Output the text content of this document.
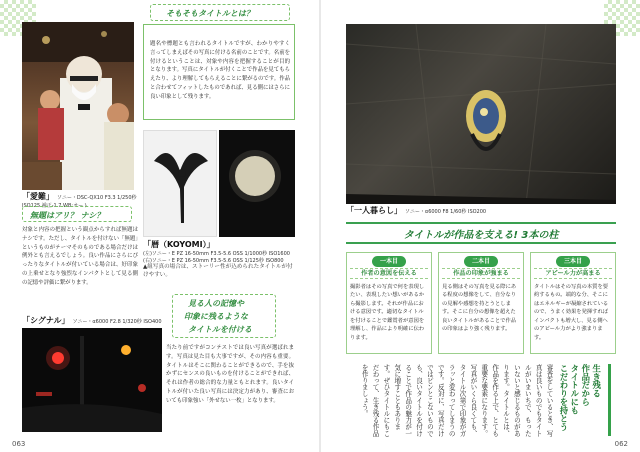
「愛難」 ソニー・DSC-QX10 F3.3 1/250秒 ISO125 補正-1.7 WB:オート
そもそもタイトルとは？
題名や標題とも言われるタイトルですが、わかりやすく言ってしまえばその写真に付ける名前のことです。名前を付けるということは、対象や内容を把握することが目的となります。写真にタイトルが付くことで作品を見てもらえたり、より理解してもらえることに繋がるのです。作品と合わせてフィットしたものであれば、見る側にはさらに良い印象として残ります。
「暦（KOYOMI）」
(左)ソニー・E PZ 16-50mm F3.5-5.6 OSS 1/1000秒 ISO1600
(右)ソニー・E PZ 16-50mm F3.5-5.6 OSS 1/125秒 ISO800
▲組写真の場合は、ストーリー性が込められたタイトルが付けやすい。
無題はアリ？ ナシ？
対象と内容の把握という観点からすれば無題はナシです。ただし、タイトルを付けない「無題」というものがテーマそのものである場合だけは例外とも言えるでしょう。良い作品にさらにぴったりなタイトルが付いている場合は、好印象の上乗せとなり強烈なインパクトとして見る側の記憶や評価に繋がります。
「シグナル」 ソニー・α6000 F2.8 1/320秒 ISO400
見る人の記憶や
印象に残るような
タイトルを付ける
当たり前ですがコンテストでは良い写真が選ばれます。写真は見た目も大事ですが、その内容も重要。タイトルはそこに関わることができるので、手を抜かずにセンスの良いものを付けることができれば、それは作者の総合的な力量ともとれます。良いタイトルが付いた良い写真には決定力があり、審査においても印象強い「外せない一枚」となります。
063
「一人暮らし」 ソニー・α6000 F8 1/60秒 ISO200
タイトルが作品を支える! 3本の柱
一本目
作者の意図を伝える
撮影者はその写真で何を表現したい、表現したい想いがあるから撮影します。それが作品における意図です。適切なタイトルを付けることで鑑賞者が意図を理解し、作品により明確に伝わります。
二本目
作品の印象が強まる
見る側はその写真を見る際にある程度の想像をして、自分なりの見解や感想を持とうとします。そこに自分の想像を超えた良いタイトルがあることで作品の印象はより強く残ります。
三本目
アピール力が高まる
タイトルはその写真の本質を要約するもの。端的な分、そこにはエネルギーが凝縮されているので、うまく効果を発揮すればインパクトも増大し、見る側へのアピール力がより強まります。
生き残る
作品だから
タイトルにも
こだわりを持とう
審査をしているとき、写真は良いものでもタイトルがいまいちで、もったいないと感じるものがあります。タイトルとは、作品を作る上で、とても重要な要素になります。写真がいくら良くても、タイトル次第で印象がガラッと変わってしまうのです。反対に、写真だけではピンとこないものでも、良いタイトルを付けることで作品の魅力が一気に増すこともあります。ぜひタイトルにもこだわって、生き残る作品を作りましょう。
062
